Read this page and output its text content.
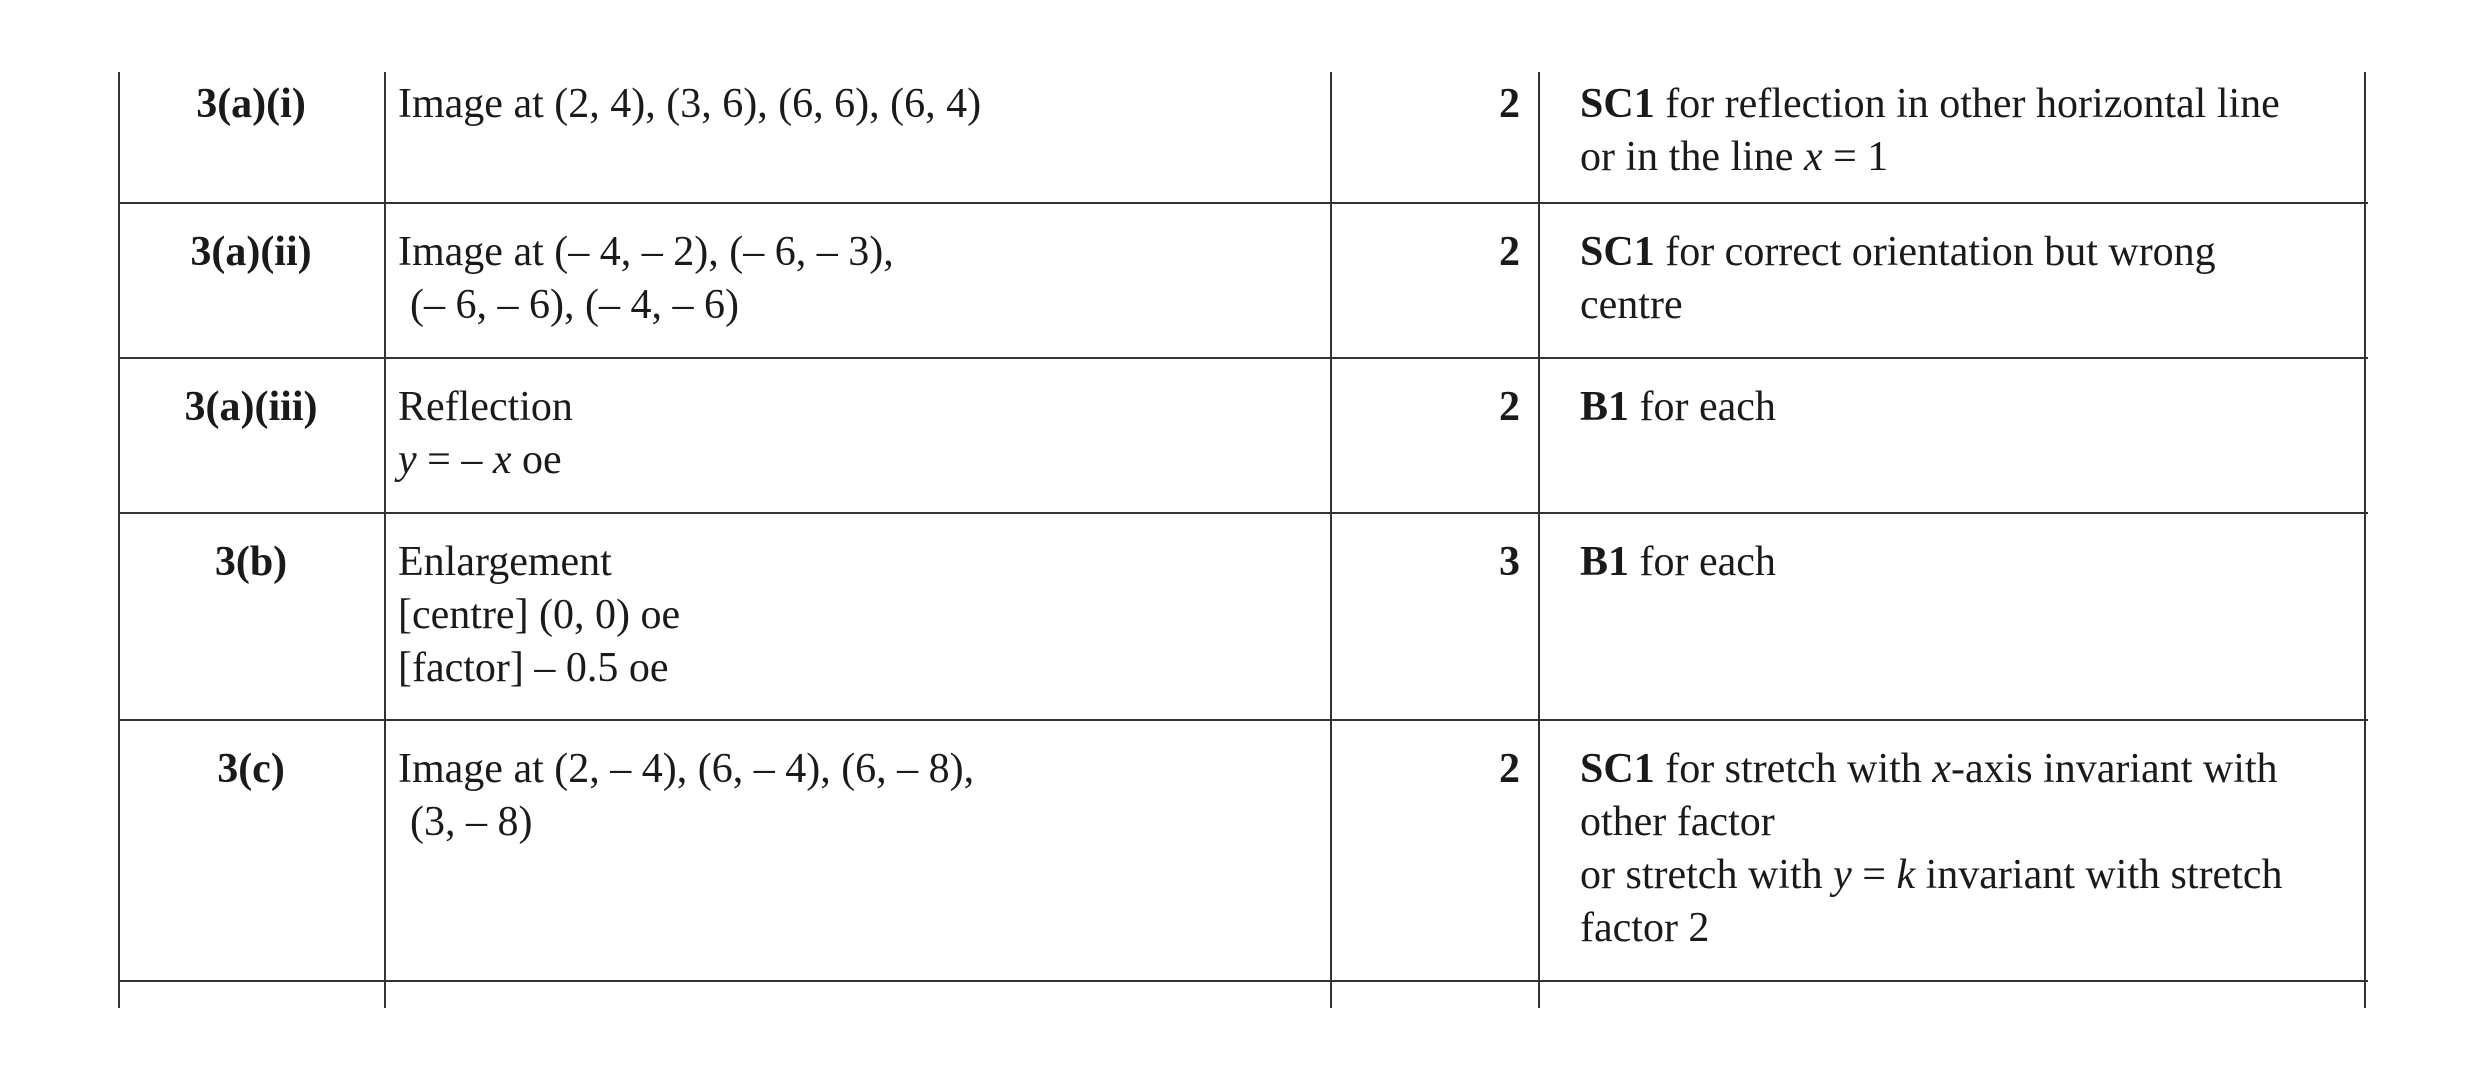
3(a)(i)	Image at (2, 4), (3, 6), (6, 6), (6, 4)	2	SC1 for reflection in other horizontal line
or in the line x = 1
3(a)(ii)	Image at (– 4, – 2), (– 6, – 3),
(– 6, – 6), (– 4, – 6)
2	SC1 for correct orientation but wrong
centre
3(a)(iii)	Reflection
y = – x oe
2	B1 for each
3(b)	Enlargement
[centre] (0, 0) oe
[factor] – 0.5 oe
3	B1 for each
3(c)	Image at (2, – 4), (6, – 4), (6, – 8),
(3, – 8)
2	SC1 for stretch with x-axis invariant with
other factor
or stretch with y = k invariant with stretch
factor 2
